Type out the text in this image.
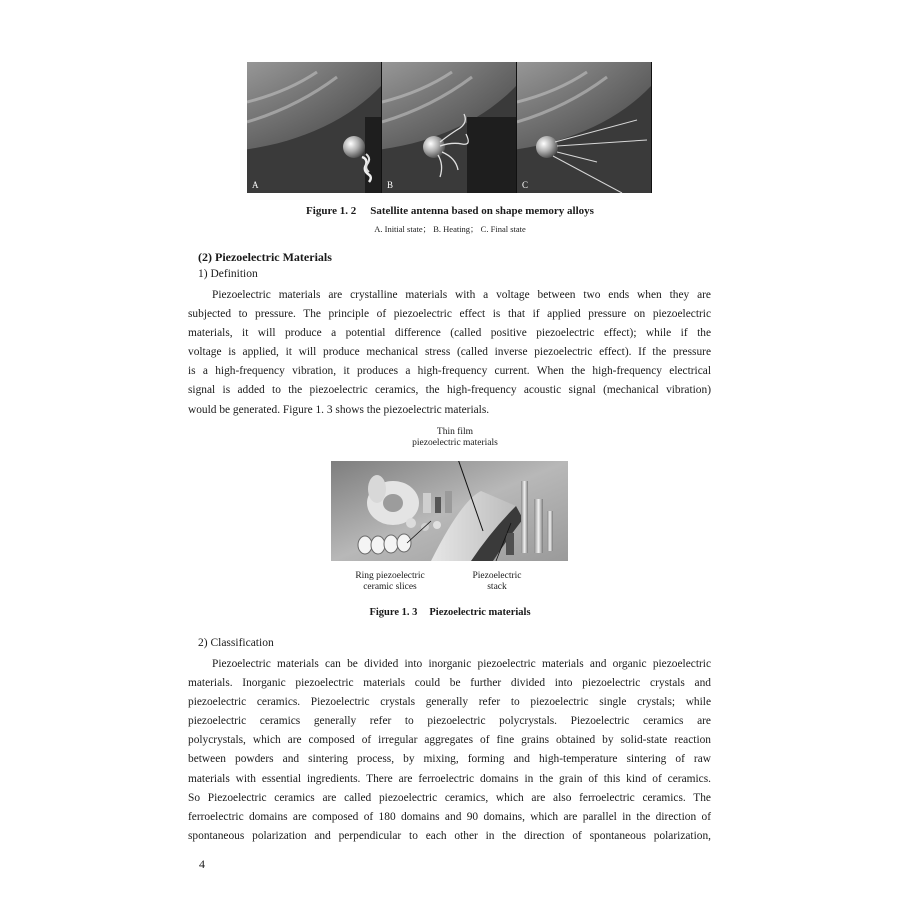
A	B	C
Figure 1. 2 Satellite antenna based on shape memory alloys
A. Initial state； B. Heating； C. Final state
(2) Piezoelectric Materials
1) Definition
Piezoelectric materials are crystalline materials with a voltage between two ends when they are
subjected to pressure. The principle of piezoelectric effect is that if applied pressure on piezoelectric
materials, it will produce a potential difference (called positive piezoelectric effect); while if the
voltage is applied, it will produce mechanical stress (called inverse piezoelectric effect). If the pressure
is a high-frequency vibration, it produces a high-frequency current. When the high-frequency electrical
signal is added to the piezoelectric ceramics, the high-frequency acoustic signal (mechanical vibration)
would be generated. Figure 1. 3 shows the piezoelectric materials.
Thin film
piezoelectric materials
Ring piezoelectric
ceramic slices
Piezoelectric
stack
Figure 1. 3 Piezoelectric materials
2) Classification
Piezoelectric materials can be divided into inorganic piezoelectric materials and organic piezoelectric
materials. Inorganic piezoelectric materials could be further divided into piezoelectric crystals and
piezoelectric ceramics. Piezoelectric crystals generally refer to piezoelectric single crystals; while
piezoelectric ceramics generally refer to piezoelectric polycrystals. Piezoelectric ceramics are
polycrystals, which are composed of irregular aggregates of fine grains obtained by solid-state reaction
between powders and sintering process, by mixing, forming and high-temperature sintering of raw
materials with essential ingredients. There are ferroelectric domains in the grain of this kind of ceramics.
So Piezoelectric ceramics are called piezoelectric ceramics, which are also ferroelectric ceramics. The
ferroelectric domains are composed of 180 domains and 90 domains, which are parallel in the direction of
spontaneous polarization and perpendicular to each other in the direction of spontaneous polarization,
4
